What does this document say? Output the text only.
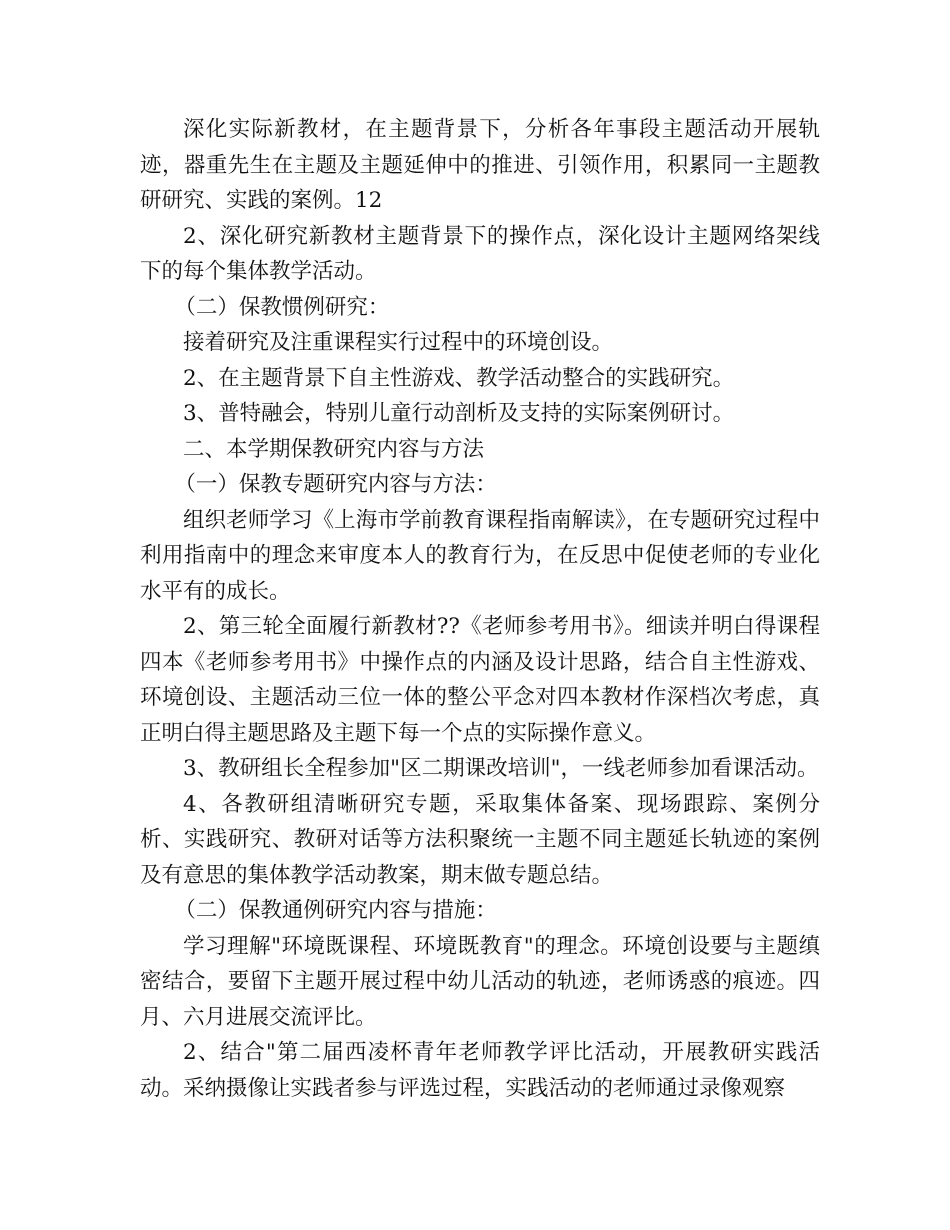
深化实际新教材，在主题背景下，分析各年事段主题活动开展轨迹，器重先生在主题及主题延伸中的推进、引领作用，积累同一主题教研研究、实践的案例。12

2、深化研究新教材主题背景下的操作点，深化设计主题网络架线下的每个集体教学活动。

（二）保教惯例研究：

接着研究及注重课程实行过程中的环境创设。

2、在主题背景下自主性游戏、教学活动整合的实践研究。

3、普特融会，特别儿童行动剖析及支持的实际案例研讨。

二、本学期保教研究内容与方法

（一）保教专题研究内容与方法：

组织老师学习《上海市学前教育课程指南解读》，在专题研究过程中利用指南中的理念来审度本人的教育行为，在反思中促使老师的专业化水平有的成长。

2、第三轮全面履行新教材??《老师参考用书》。细读并明白得课程四本《老师参考用书》中操作点的内涵及设计思路，结合自主性游戏、环境创设、主题活动三位一体的整公平念对四本教材作深档次考虑，真正明白得主题思路及主题下每一个点的实际操作意义。

3、教研组长全程参加"区二期课改培训"，一线老师参加看课活动。

4、各教研组清晰研究专题，采取集体备案、现场跟踪、案例分析、实践研究、教研对话等方法积聚统一主题不同主题延长轨迹的案例及有意思的集体教学活动教案，期末做专题总结。

（二）保教通例研究内容与措施：

学习理解"环境既课程、环境既教育"的理念。环境创设要与主题缜密结合，要留下主题开展过程中幼儿活动的轨迹，老师诱惑的痕迹。四月、六月进展交流评比。

2、结合"第二届西凌杯青年老师教学评比活动，开展教研实践活动。采纳摄像让实践者参与评选过程，实践活动的老师通过录像观察
